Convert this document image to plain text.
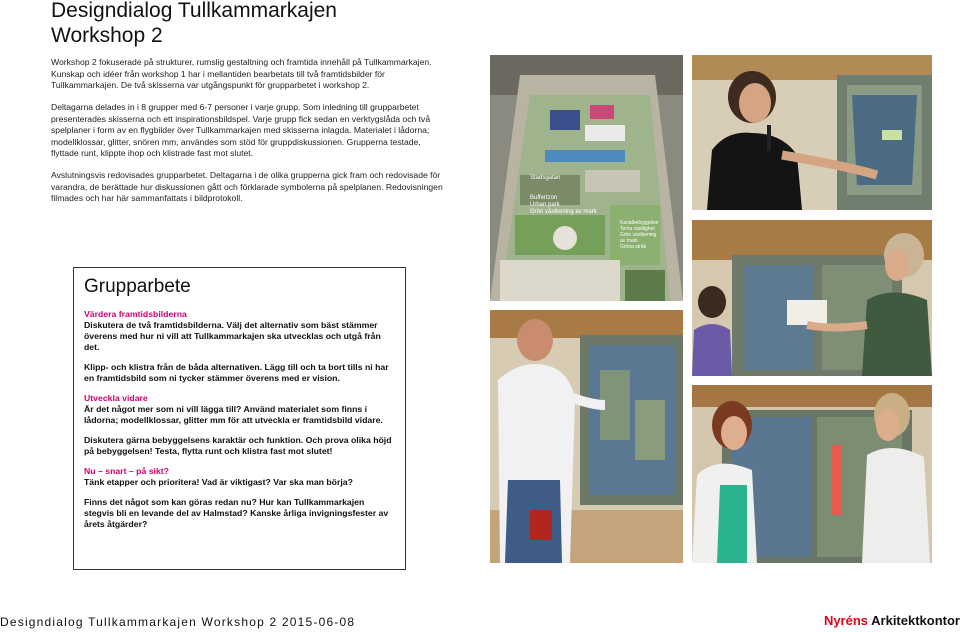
Designdialog Tullkammarkajen
Workshop 2

Workshop 2 fokuserade på strukturer, rumslig gestaltning och framtida innehåll på Tullkammarkajen. Kunskap och idéer från workshop 1 har i mellantiden bearbetats till två framtidsbilder för Tullkammarkajen. De två skisserna var utgångspunkt för grupparbetet i workshop 2.

Deltagarna delades in i 8 grupper med 6-7 personer i varje grupp. Som inledning till grupparbetet presenterades skisserna och ett inspirationsbildspel. Varje grupp fick sedan en verktygslåda och två spelplaner i form av en flygbilder över Tullkammarkajen med skisserna inlagda. Materialet i lådorna; modellklossar, glitter, snören mm, användes som stöd för gruppdiskussionen. Grupperna testade, flyttade runt, klippte ihop och klistrade fast mot slutet.

Avslutningsvis redovisades grupparbetet. Deltagarna i de olika grupperna gick fram och redovisade för varandra, de berättade hur diskussionen gått och förklarade symbolerna på spelplanen. Redovisningen filmades och har här sammanfattats i bildprotokoll.

Grupparbete
Värdera framtidsbilderna
Diskutera de två framtidsbilderna. Välj det alternativ som bäst stämmer överens med hur ni vill att Tullkammarkajen ska utvecklas och utgå från det.
Klipp- och klistra från de båda alternativen. Lägg till och ta bort tills ni har en framtidsbild som ni tycker stämmer överens med er vision.
Utveckla vidare
Är det något mer som ni vill lägga till? Använd materialet som finns i lådorna; modellklossar, glitter mm för att utveckla er framtidsbild vidare.
Diskutera gärna bebyggelsens karaktär och funktion. Och prova olika höjd på bebyggelsen! Testa, flytta runt och klistra fast mot slutet!
Nu – snart – på sikt?
Tänk etapper och prioritera! Vad är viktigast? Var ska man börja?
Finns det något som kan göras redan nu? Hur kan Tullkammarkajen stegvis bli en levande del av Halmstad? Kanske årliga invigningsfester av årets åtgärder?
Stadsgatan
Buffertzon
Urban park
Grön växtkening av mark
Kanalbebyggelse
Tema växtlighet
Grön växtkening
av mark
Gröna stråk
Designdialog Tullkammarkajen Workshop 2 2015-06-08	Nyréns Arkitektkontor
